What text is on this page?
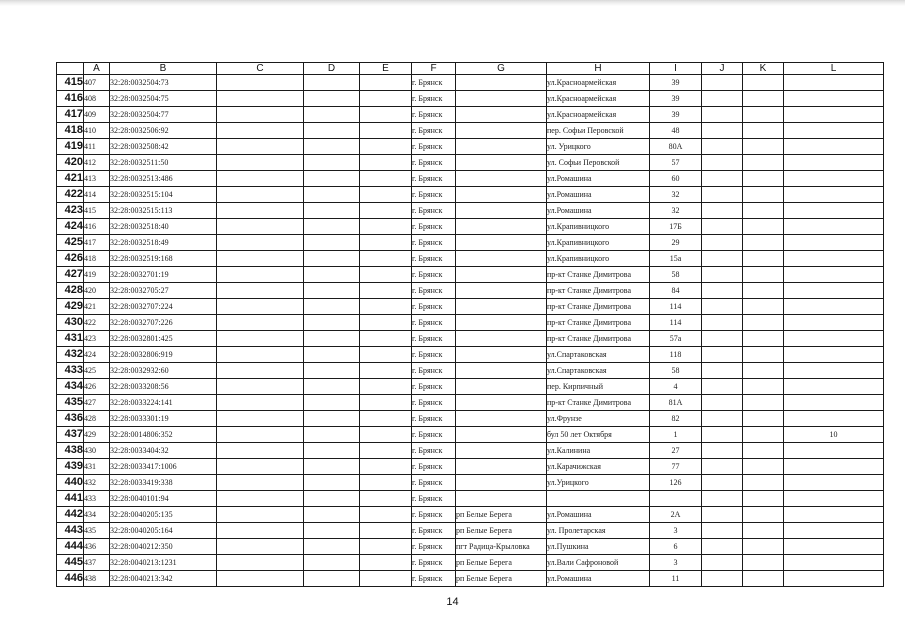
	A	B	C	D	E	F	G	H	I	J	K	L
415	407	32:28:0032504:73				г. Брянск		ул.Красноармейская	39			
416	408	32:28:0032504:75				г. Брянск		ул.Красноармейская	39			
417	409	32:28:0032504:77				г. Брянск		ул.Красноармейская	39			
418	410	32:28:0032506:92				г. Брянск		пер. Софьи Перовской	48			
419	411	32:28:0032508:42				г. Брянск		ул. Урицкого	80А			
420	412	32:28:0032511:50				г. Брянск		ул. Софьи Перовской	57			
421	413	32:28:0032513:486				г. Брянск		ул.Ромашина	60			
422	414	32:28:0032515:104				г. Брянск		ул.Ромашина	32			
423	415	32:28:0032515:113				г. Брянск		ул.Ромашина	32			
424	416	32:28:0032518:40				г. Брянск		ул.Крапивницкого	17Б			
425	417	32:28:0032518:49				г. Брянск		ул.Крапивницкого	29			
426	418	32:28:0032519:168				г. Брянск		ул.Крапивницкого	15а			
427	419	32:28:0032701:19				г. Брянск		пр-кт Станке Димитрова	58			
428	420	32:28:0032705:27				г. Брянск		пр-кт Станке Димитрова	84			
429	421	32:28:0032707:224				г. Брянск		пр-кт Станке Димитрова	114			
430	422	32:28:0032707:226				г. Брянск		пр-кт Станке Димитрова	114			
431	423	32:28:0032801:425				г. Брянск		пр-кт Станке Димитрова	57а			
432	424	32:28:0032806:919				г. Брянск		ул.Спартаковская	118			
433	425	32:28:0032932:60				г. Брянск		ул.Спартаковская	58			
434	426	32:28:0033208:56				г. Брянск		пер. Кирпичный	4			
435	427	32:28:0033224:141				г. Брянск		пр-кт Станке Димитрова	81А			
436	428	32:28:0033301:19				г. Брянск		ул.Фрунзе	82			
437	429	32:28:0014806:352				г. Брянск		бул 50 лет Октября	1			10
438	430	32:28:0033404:32				г. Брянск		ул.Калинина	27			
439	431	32:28:0033417:1006				г. Брянск		ул.Карачижская	77			
440	432	32:28:0033419:338				г. Брянск		ул.Урицкого	126			
441	433	32:28:0040101:94				г. Брянск						
442	434	32:28:0040205:135				г. Брянск	рп Белые Берега	ул.Ромашина	2А			
443	435	32:28:0040205:164				г. Брянск	рп Белые Берега	ул. Пролетарская	3			
444	436	32:28:0040212:350				г. Брянск	пгт Радица-Крыловка	ул.Пушкина	6			
445	437	32:28:0040213:1231				г. Брянск	рп Белые Берега	ул.Вали Сафроновой	3			
446	438	32:28:0040213:342				г. Брянск	рп Белые Берега	ул.Ромашина	11			
14
